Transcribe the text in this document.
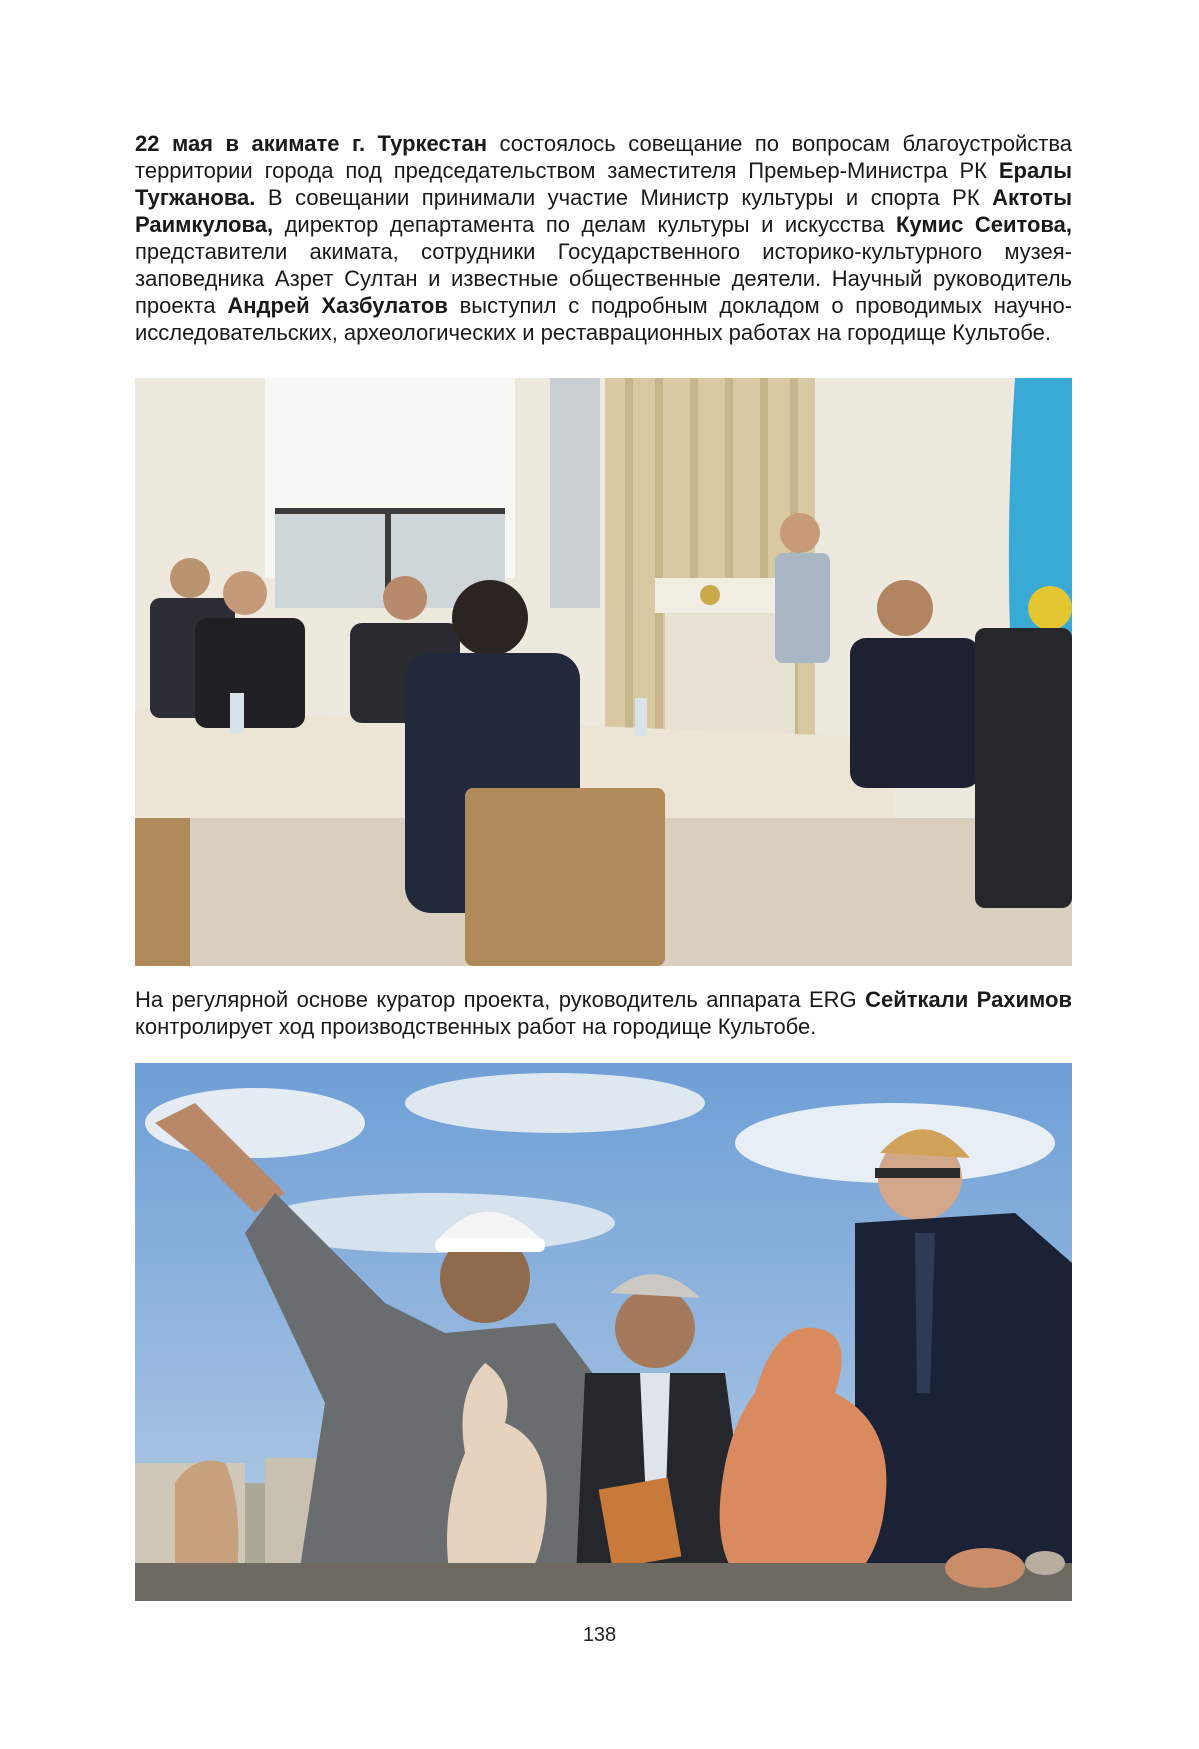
22 мая в акимате г. Туркестан состоялось совещание по вопросам благоустройства территории города под председательством заместителя Премьер-Министра РК Ералы Тугжанова. В совещании принимали участие Министр культуры и спорта РК Актоты Раимкулова, директор департамента по делам культуры и искусства Кумис Сеитова, представители акимата, сотрудники Государственного историко-культурного музея-заповедника Азрет Султан и известные общественные деятели. Научный руководитель проекта Андрей Хазбулатов выступил с подробным докладом о проводимых научно-исследовательских, археологических и реставрационных работах на городище Культобе.

На регулярной основе куратор проекта, руководитель аппарата ERG Сейткали Рахимов контролирует ход производственных работ на городище Культобе.

138
